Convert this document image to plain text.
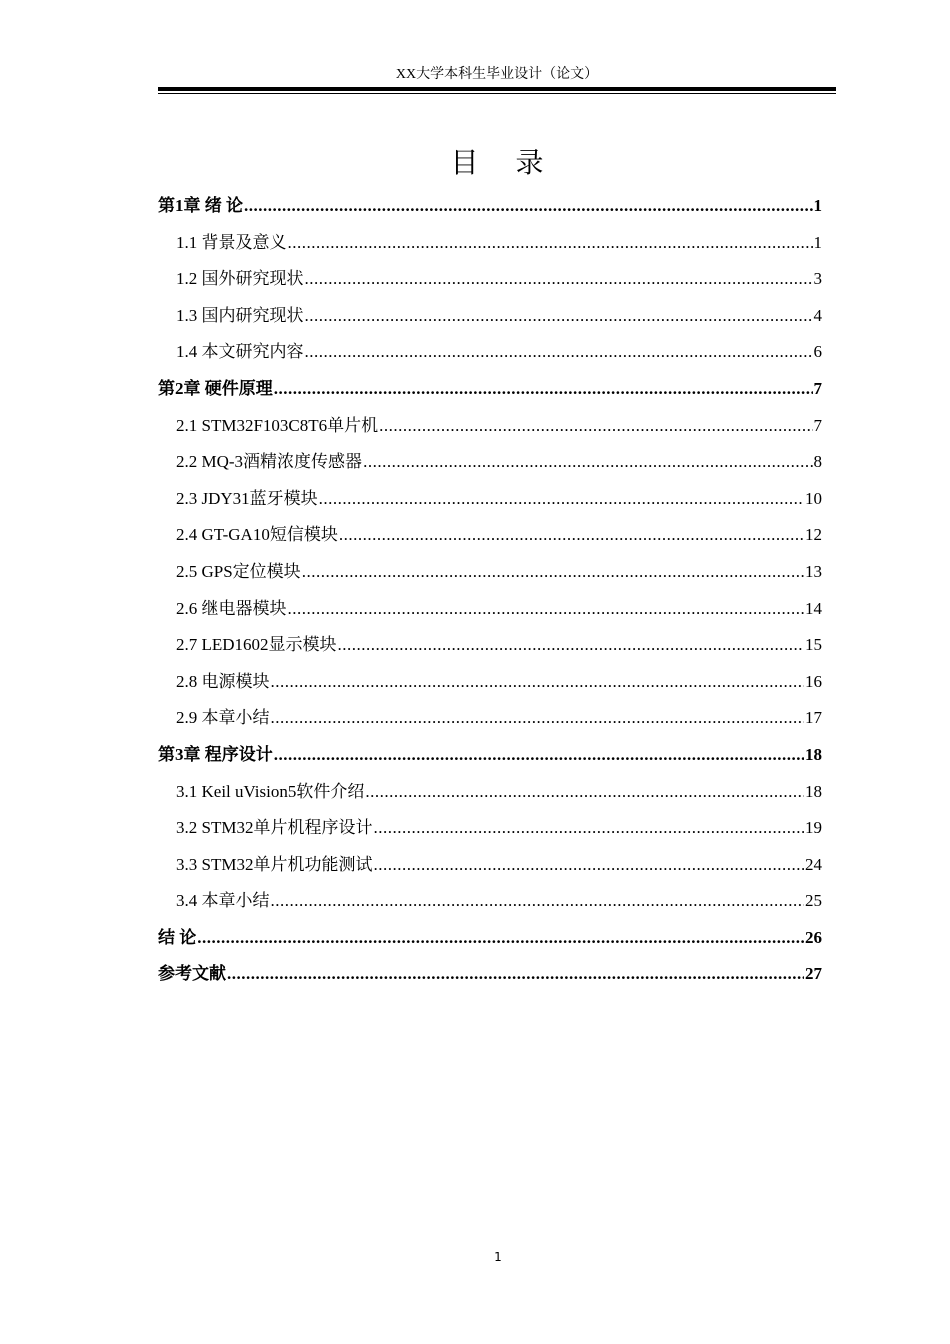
XX大学本科生毕业设计（论文）
目 录
第1章 绪 论 .....	1
1.1 背景及意义 .....	1
1.2 国外研究现状 .....	3
1.3 国内研究现状 .....	4
1.4 本文研究内容 .....	6
第2章 硬件原理 .....	7
2.1 STM32F103C8T6单片机 .....	7
2.2 MQ-3酒精浓度传感器 .....	8
2.3 JDY31蓝牙模块 .....	10
2.4 GT-GA10短信模块 .....	12
2.5 GPS定位模块 .....	13
2.6 继电器模块 .....	14
2.7 LED1602显示模块 .....	15
2.8 电源模块 .....	16
2.9 本章小结 .....	17
第3章 程序设计 .....	18
3.1 Keil uVision5软件介绍 .....	18
3.2 STM32单片机程序设计 .....	19
3.3 STM32单片机功能测试 .....	24
3.4 本章小结 .....	25
结 论 .....	26
参考文献 .....	27
1
